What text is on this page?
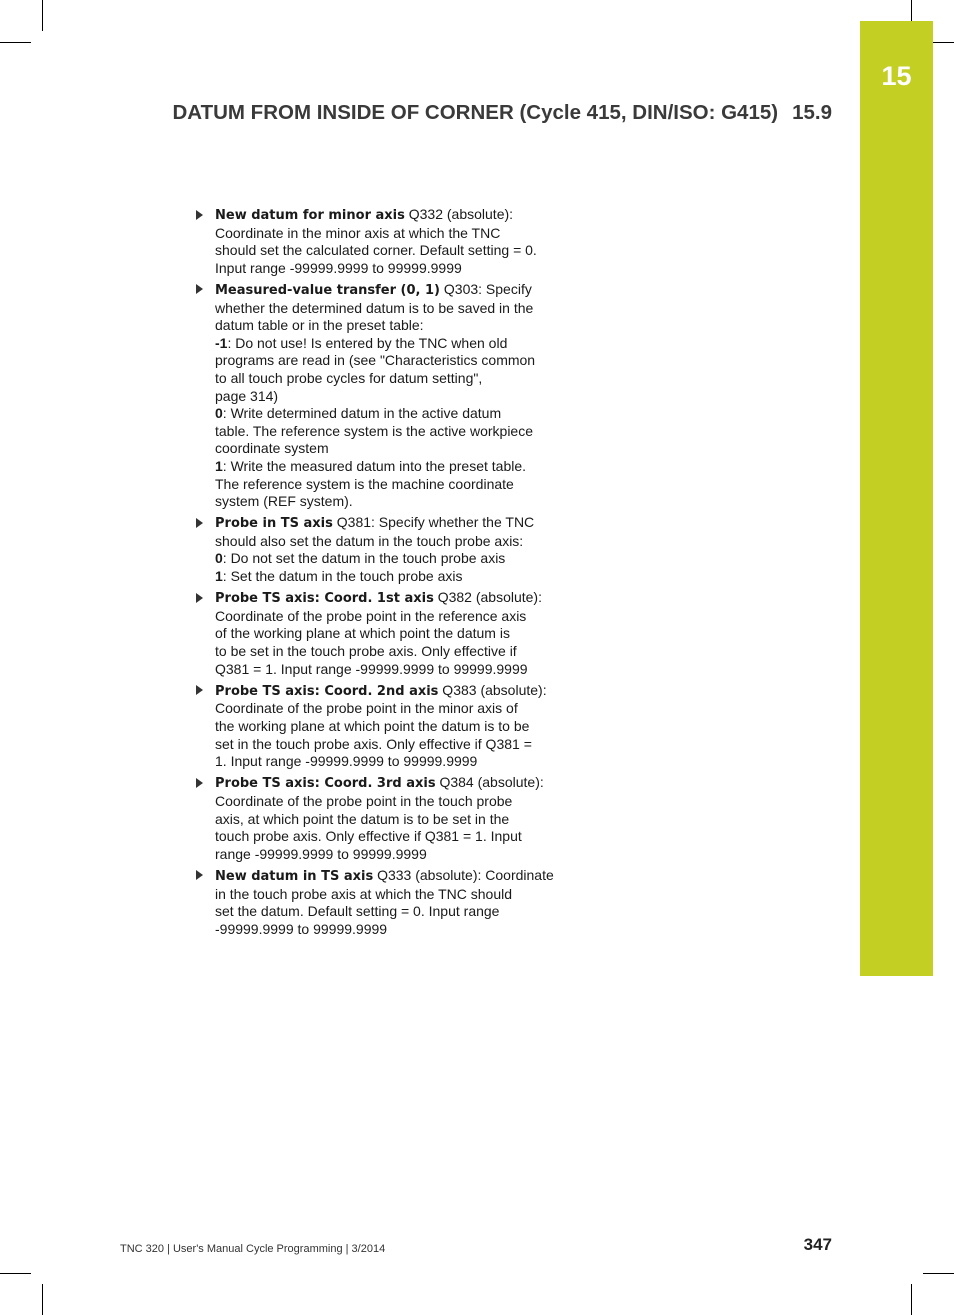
15
DATUM FROM INSIDE OF CORNER (Cycle 415, DIN/ISO: G415) 15.9
New datum for minor axis Q332 (absolute):
Coordinate in the minor axis at which the TNC
should set the calculated corner. Default setting = 0.
Input range -99999.9999 to 99999.9999
Measured-value transfer (0, 1) Q303: Specify
whether the determined datum is to be saved in the
datum table or in the preset table:
-1: Do not use! Is entered by the TNC when old
programs are read in (see "Characteristics common
to all touch probe cycles for datum setting",
page 314)
0: Write determined datum in the active datum
table. The reference system is the active workpiece
coordinate system
1: Write the measured datum into the preset table.
The reference system is the machine coordinate
system (REF system).
Probe in TS axis Q381: Specify whether the TNC
should also set the datum in the touch probe axis:
0: Do not set the datum in the touch probe axis
1: Set the datum in the touch probe axis
Probe TS axis: Coord. 1st axis Q382 (absolute):
Coordinate of the probe point in the reference axis
of the working plane at which point the datum is
to be set in the touch probe axis. Only effective if
Q381 = 1. Input range -99999.9999 to 99999.9999
Probe TS axis: Coord. 2nd axis Q383 (absolute):
Coordinate of the probe point in the minor axis of
the working plane at which point the datum is to be
set in the touch probe axis. Only effective if Q381 =
1. Input range -99999.9999 to 99999.9999
Probe TS axis: Coord. 3rd axis Q384 (absolute):
Coordinate of the probe point in the touch probe
axis, at which point the datum is to be set in the
touch probe axis. Only effective if Q381 = 1. Input
range -99999.9999 to 99999.9999
New datum in TS axis Q333 (absolute): Coordinate
in the touch probe axis at which the TNC should
set the datum. Default setting = 0. Input range
-99999.9999 to 99999.9999
TNC 320 | User's Manual Cycle Programming | 3/2014	347
